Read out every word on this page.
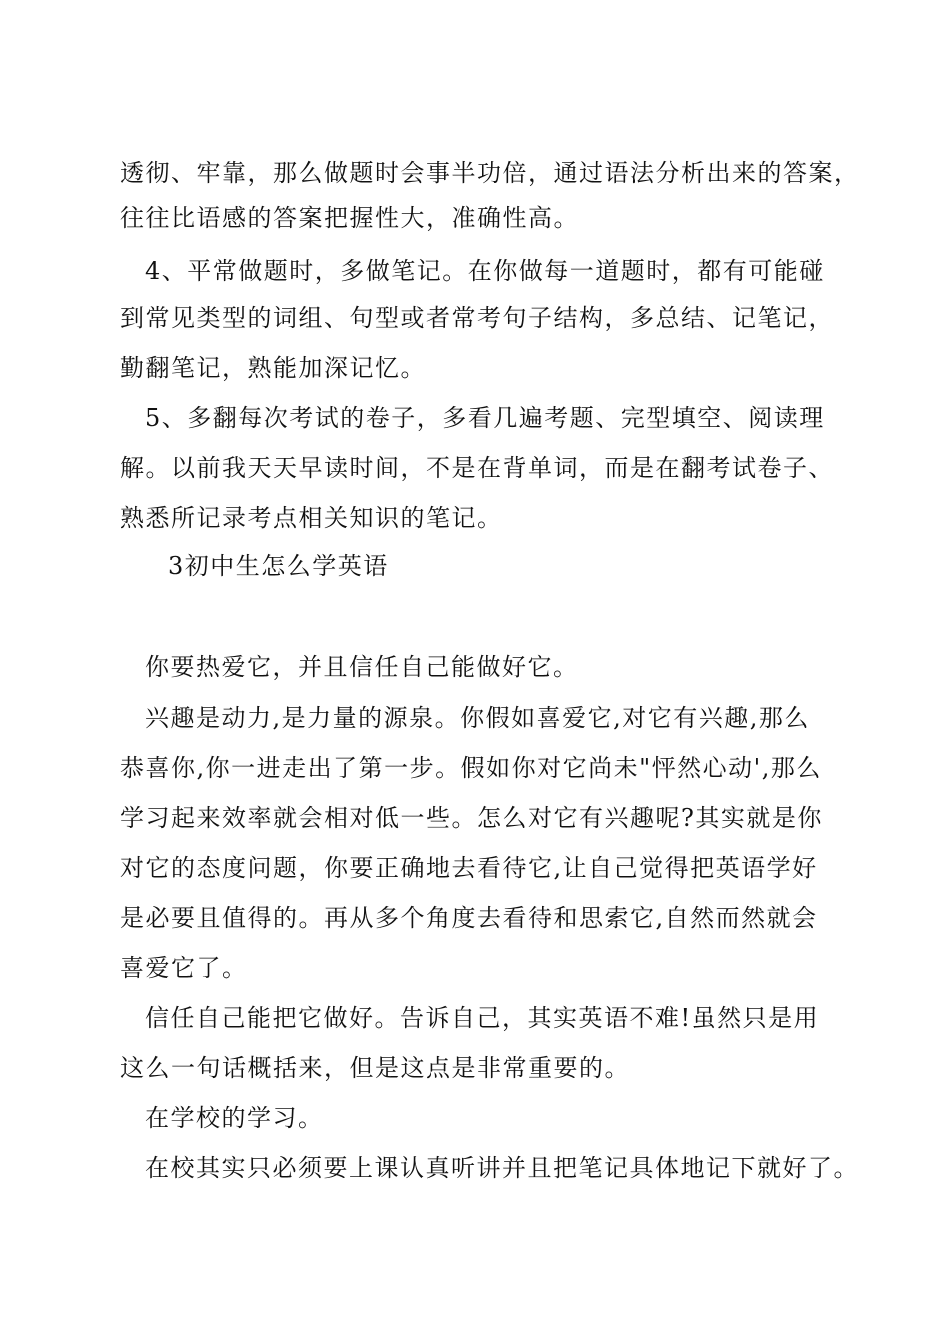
透彻、牢靠，那么做题时会事半功倍，通过语法分析出来的答案，
往往比语感的答案把握性大，准确性高。
4、平常做题时，多做笔记。在你做每一道题时，都有可能碰
到常见类型的词组、句型或者常考句子结构，多总结、记笔记，
勤翻笔记，熟能加深记忆。
5、多翻每次考试的卷子，多看几遍考题、完型填空、阅读理
解。以前我天天早读时间，不是在背单词，而是在翻考试卷子、
熟悉所记录考点相关知识的笔记。
3初中生怎么学英语
你要热爱它，并且信任自己能做好它。
兴趣是动力,是力量的源泉。你假如喜爱它,对它有兴趣,那么
恭喜你,你一进走出了第一步。假如你对它尚未"怦然心动',那么
学习起来效率就会相对低一些。怎么对它有兴趣呢?其实就是你
对它的态度问题，你要正确地去看待它,让自己觉得把英语学好
是必要且值得的。再从多个角度去看待和思索它,自然而然就会
喜爱它了。
信任自己能把它做好。告诉自己，其实英语不难!虽然只是用
这么一句话概括来，但是这点是非常重要的。
在学校的学习。
在校其实只必须要上课认真听讲并且把笔记具体地记下就好了。
